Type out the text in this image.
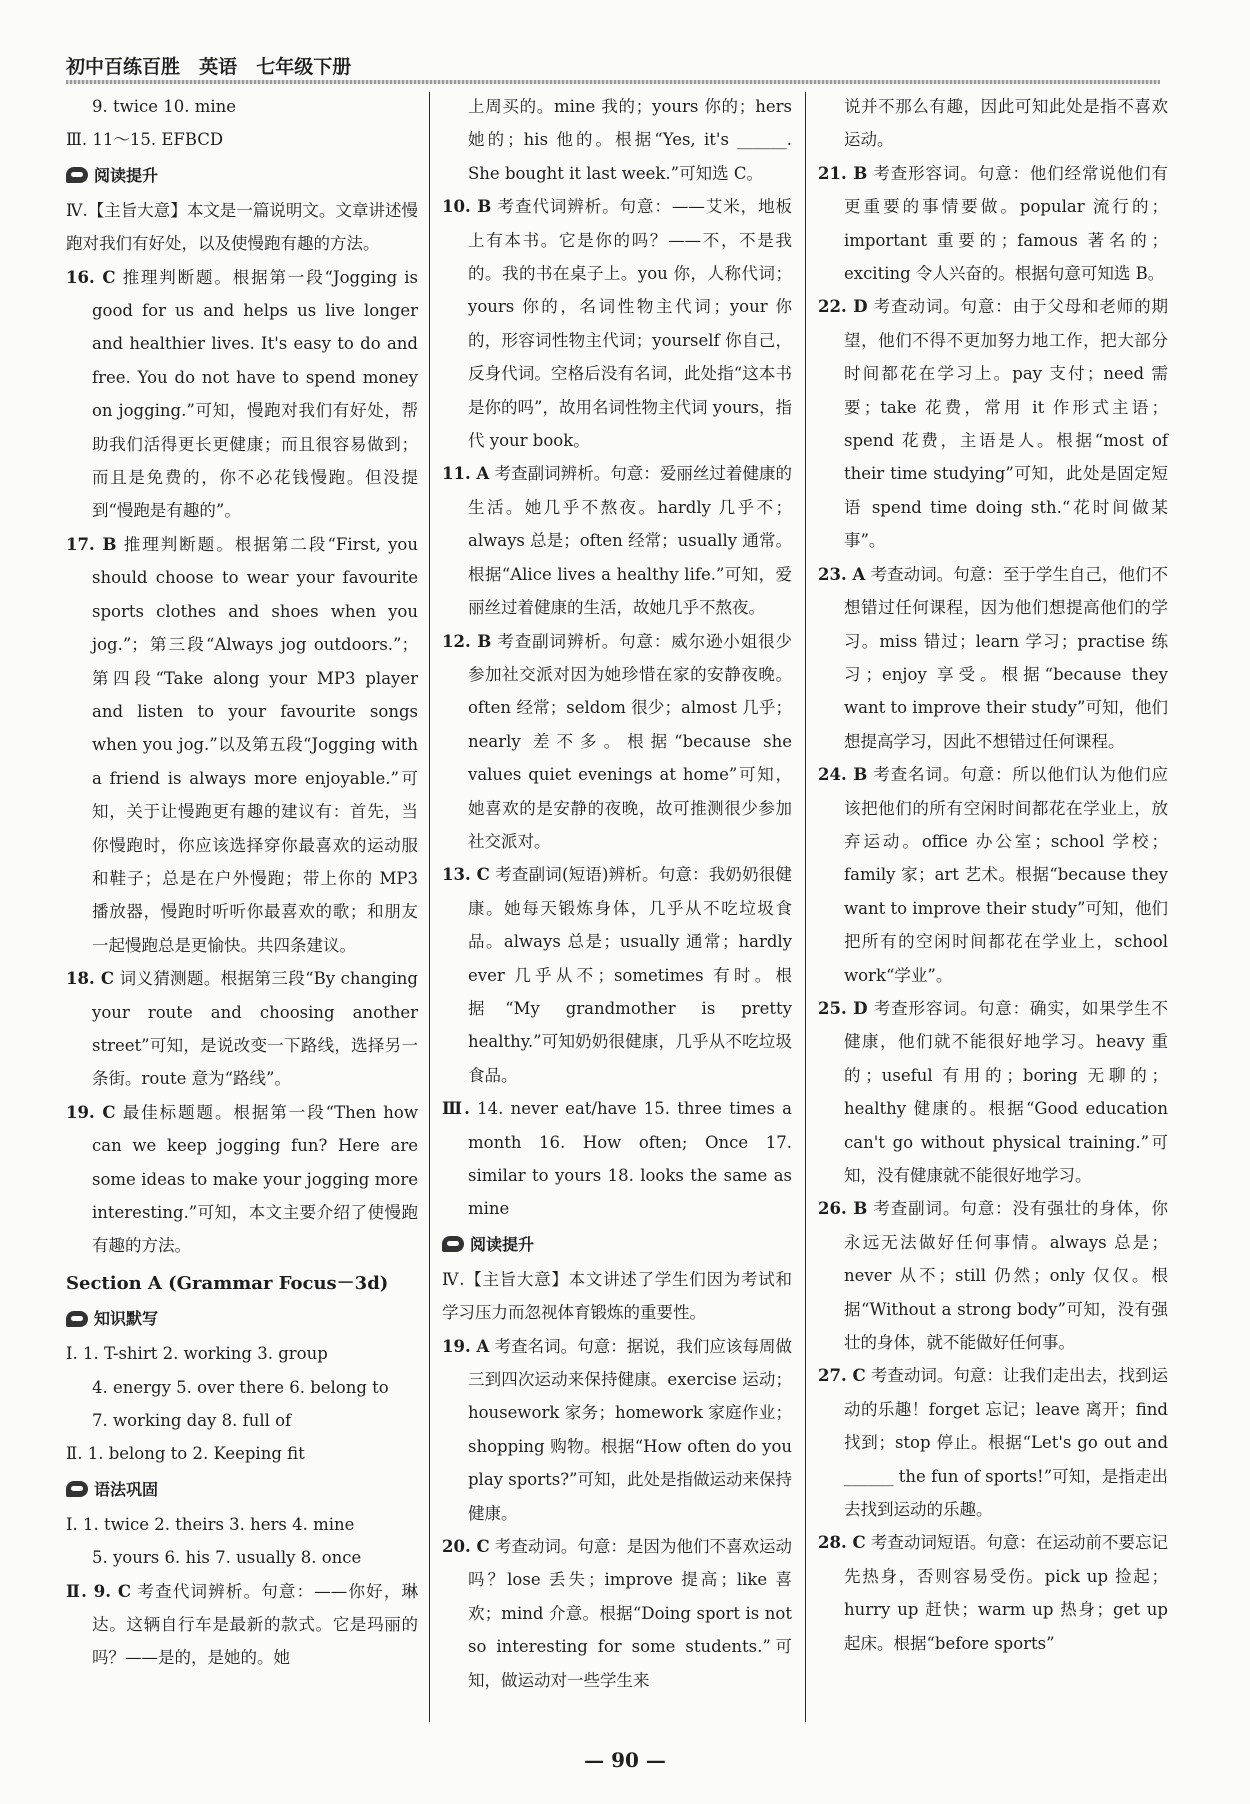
初中百练百胜 英语 七年级下册

9. twice 10. mine

Ⅲ. 11～15. EFBCD

阅读提升

Ⅳ.【主旨大意】本文是一篇说明文。文章讲述慢跑对我们有好处，以及使慢跑有趣的方法。

16. C 推理判断题。根据第一段“Jogging is good for us and helps us live longer and healthier lives. It's easy to do and free. You do not have to spend money on jogging.”可知，慢跑对我们有好处，帮助我们活得更长更健康；而且很容易做到；而且是免费的，你不必花钱慢跑。但没提到“慢跑是有趣的”。

17. B 推理判断题。根据第二段“First, you should choose to wear your favourite sports clothes and shoes when you jog.”；第三段“Always jog outdoors.”；第四段“Take along your MP3 player and listen to your favourite songs when you jog.”以及第五段“Jogging with a friend is always more enjoyable.”可知，关于让慢跑更有趣的建议有：首先，当你慢跑时，你应该选择穿你最喜欢的运动服和鞋子；总是在户外慢跑；带上你的 MP3 播放器，慢跑时听听你最喜欢的歌；和朋友一起慢跑总是更愉快。共四条建议。

18. C 词义猜测题。根据第三段“By changing your route and choosing another street”可知，是说改变一下路线，选择另一条街。route 意为“路线”。

19. C 最佳标题题。根据第一段“Then how can we keep jogging fun? Here are some ideas to make your jogging more interesting.”可知，本文主要介绍了使慢跑有趣的方法。

Section A (Grammar Focus－3d)
知识默写

Ⅰ. 1. T-shirt 2. working 3. group

4. energy 5. over there 6. belong to

7. working day 8. full of

Ⅱ. 1. belong to 2. Keeping fit

语法巩固

Ⅰ. 1. twice 2. theirs 3. hers 4. mine

5. yours 6. his 7. usually 8. once

Ⅱ. 9. C 考查代词辨析。句意：——你好，琳达。这辆自行车是最新的款式。它是玛丽的吗？——是的，是她的。她

上周买的。mine 我的；yours 你的；hers 她的；his 他的。根据“Yes, it's ______. She bought it last week.”可知选 C。

10. B 考查代词辨析。句意：——艾米，地板上有本书。它是你的吗？——不，不是我的。我的书在桌子上。you 你，人称代词；yours 你的，名词性物主代词；your 你的，形容词性物主代词；yourself 你自己，反身代词。空格后没有名词，此处指“这本书是你的吗”，故用名词性物主代词 yours，指代 your book。

11. A 考查副词辨析。句意：爱丽丝过着健康的生活。她几乎不熬夜。hardly 几乎不；always 总是；often 经常；usually 通常。根据“Alice lives a healthy life.”可知，爱丽丝过着健康的生活，故她几乎不熬夜。

12. B 考查副词辨析。句意：威尔逊小姐很少参加社交派对因为她珍惜在家的安静夜晚。often 经常；seldom 很少；almost 几乎；nearly 差不多。根据“because she values quiet evenings at home”可知，她喜欢的是安静的夜晚，故可推测很少参加社交派对。

13. C 考查副词(短语)辨析。句意：我奶奶很健康。她每天锻炼身体，几乎从不吃垃圾食品。always 总是；usually 通常；hardly ever 几乎从不；sometimes 有时。根据“My grandmother is pretty healthy.”可知奶奶很健康，几乎从不吃垃圾食品。

Ⅲ. 14. never eat/have 15. three times a month 16. How often; Once 17. similar to yours 18. looks the same as mine

阅读提升

Ⅳ.【主旨大意】本文讲述了学生们因为考试和学习压力而忽视体育锻炼的重要性。

19. A 考查名词。句意：据说，我们应该每周做三到四次运动来保持健康。exercise 运动；housework 家务；homework 家庭作业；shopping 购物。根据“How often do you play sports?”可知，此处是指做运动来保持健康。

20. C 考查动词。句意：是因为他们不喜欢运动吗？lose 丢失；improve 提高；like 喜欢；mind 介意。根据“Doing sport is not so interesting for some students.”可知，做运动对一些学生来

说并不那么有趣，因此可知此处是指不喜欢运动。

21. B 考查形容词。句意：他们经常说他们有更重要的事情要做。popular 流行的；important 重要的；famous 著名的；exciting 令人兴奋的。根据句意可知选 B。

22. D 考查动词。句意：由于父母和老师的期望，他们不得不更加努力地工作，把大部分时间都花在学习上。pay 支付；need 需要；take 花费，常用 it 作形式主语；spend 花费，主语是人。根据“most of their time studying”可知，此处是固定短语 spend time doing sth.“花时间做某事”。

23. A 考查动词。句意：至于学生自己，他们不想错过任何课程，因为他们想提高他们的学习。miss 错过；learn 学习；practise 练习；enjoy 享受。根据“because they want to improve their study”可知，他们想提高学习，因此不想错过任何课程。

24. B 考查名词。句意：所以他们认为他们应该把他们的所有空闲时间都花在学业上，放弃运动。office 办公室；school 学校；family 家；art 艺术。根据“because they want to improve their study”可知，他们把所有的空闲时间都花在学业上，school work“学业”。

25. D 考查形容词。句意：确实，如果学生不健康，他们就不能很好地学习。heavy 重的；useful 有用的；boring 无聊的；healthy 健康的。根据“Good education can't go without physical training.”可知，没有健康就不能很好地学习。

26. B 考查副词。句意：没有强壮的身体，你永远无法做好任何事情。always 总是；never 从不；still 仍然；only 仅仅。根据“Without a strong body”可知，没有强壮的身体，就不能做好任何事。

27. C 考查动词。句意：让我们走出去，找到运动的乐趣！forget 忘记；leave 离开；find 找到；stop 停止。根据“Let's go out and ______ the fun of sports!”可知，是指走出去找到运动的乐趣。

28. C 考查动词短语。句意：在运动前不要忘记先热身，否则容易受伤。pick up 捡起；hurry up 赶快；warm up 热身；get up 起床。根据“before sports”

— 90 —
